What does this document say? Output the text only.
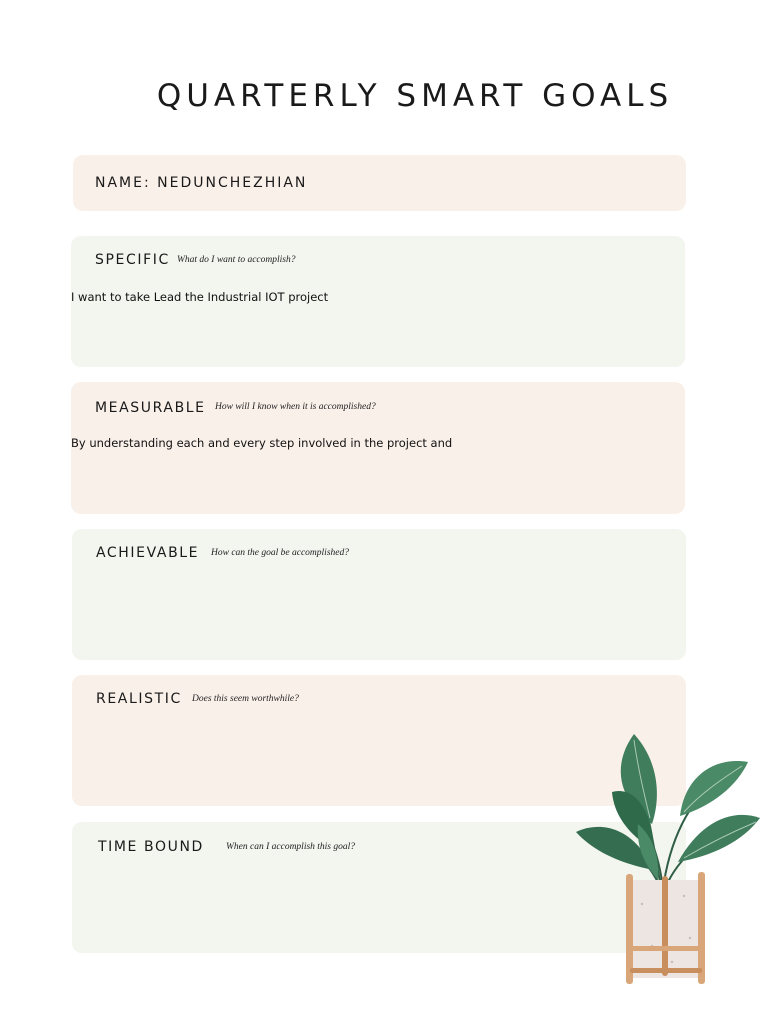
QUARTERLY SMART GOALS
NAME: NEDUNCHEZHIAN
SPECIFIC What do I want to accomplish?
I want to take Lead the Industrial IOT project
MEASURABLE How will I know when it is accomplished?
By understanding each and every step involved in the project and
ACHIEVABLE How can the goal be accomplished?
REALISTIC Does this seem worthwhile?
TIME BOUND When can I accomplish this goal?
